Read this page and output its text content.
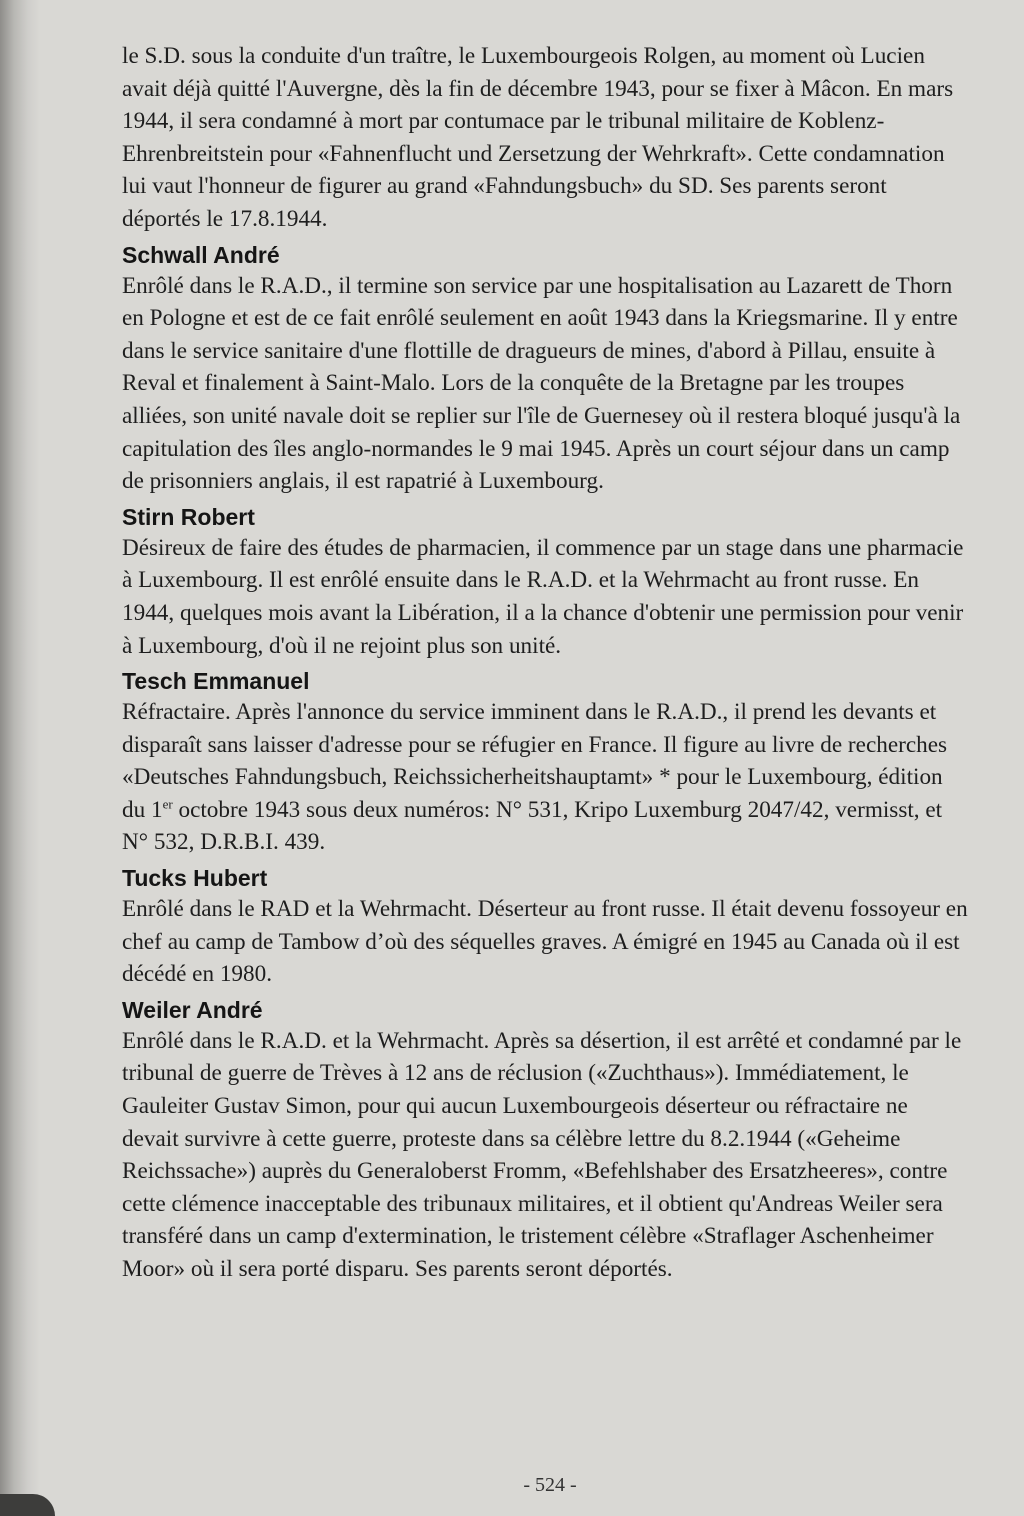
le S.D. sous la conduite d'un traître, le Luxembourgeois Rolgen, au moment où Lucien avait déjà quitté l'Auvergne, dès la fin de décembre 1943, pour se fixer à Mâcon. En mars 1944, il sera condamné à mort par contumace par le tribunal militaire de Koblenz-Ehrenbreitstein pour «Fahnenflucht und Zersetzung der Wehrkraft». Cette condamnation lui vaut l'honneur de figurer au grand «Fahndungsbuch» du SD. Ses parents seront déportés le 17.8.1944.

Schwall André

Enrôlé dans le R.A.D., il termine son service par une hospitalisation au Lazarett de Thorn en Pologne et est de ce fait enrôlé seulement en août 1943 dans la Kriegsmarine. Il y entre dans le service sanitaire d'une flottille de dragueurs de mines, d'abord à Pillau, ensuite à Reval et finalement à Saint-Malo. Lors de la conquête de la Bretagne par les troupes alliées, son unité navale doit se replier sur l'île de Guernesey où il restera bloqué jusqu'à la capitulation des îles anglo-normandes le 9 mai 1945. Après un court séjour dans un camp de prisonniers anglais, il est rapatrié à Luxembourg.

Stirn Robert

Désireux de faire des études de pharmacien, il commence par un stage dans une pharmacie à Luxembourg. Il est enrôlé ensuite dans le R.A.D. et la Wehrmacht au front russe. En 1944, quelques mois avant la Libération, il a la chance d'obtenir une permission pour venir à Luxembourg, d'où il ne rejoint plus son unité.

Tesch Emmanuel

Réfractaire. Après l'annonce du service imminent dans le R.A.D., il prend les devants et disparaît sans laisser d'adresse pour se réfugier en France. Il figure au livre de recherches «Deutsches Fahndungsbuch, Reichssicherheitshauptamt» * pour le Luxembourg, édition du 1er octobre 1943 sous deux numéros: N° 531, Kripo Luxemburg 2047/42, vermisst, et N° 532, D.R.B.I. 439.

Tucks Hubert

Enrôlé dans le RAD et la Wehrmacht. Déserteur au front russe. Il était devenu fossoyeur en chef au camp de Tambow d’où des séquelles graves. A émigré en 1945 au Canada où il est décédé en 1980.

Weiler André

Enrôlé dans le R.A.D. et la Wehrmacht. Après sa désertion, il est arrêté et condamné par le tribunal de guerre de Trèves à 12 ans de réclusion («Zuchthaus»). Immédiatement, le Gauleiter Gustav Simon, pour qui aucun Luxembourgeois déserteur ou réfractaire ne devait survivre à cette guerre, proteste dans sa célèbre lettre du 8.2.1944 («Geheime Reichssache») auprès du Generaloberst Fromm, «Befehlshaber des Ersatzheeres», contre cette clémence inacceptable des tribunaux militaires, et il obtient qu'Andreas Weiler sera transféré dans un camp d'extermination, le tristement célèbre «Straflager Aschenheimer Moor» où il sera porté disparu. Ses parents seront déportés.

- 524 -
